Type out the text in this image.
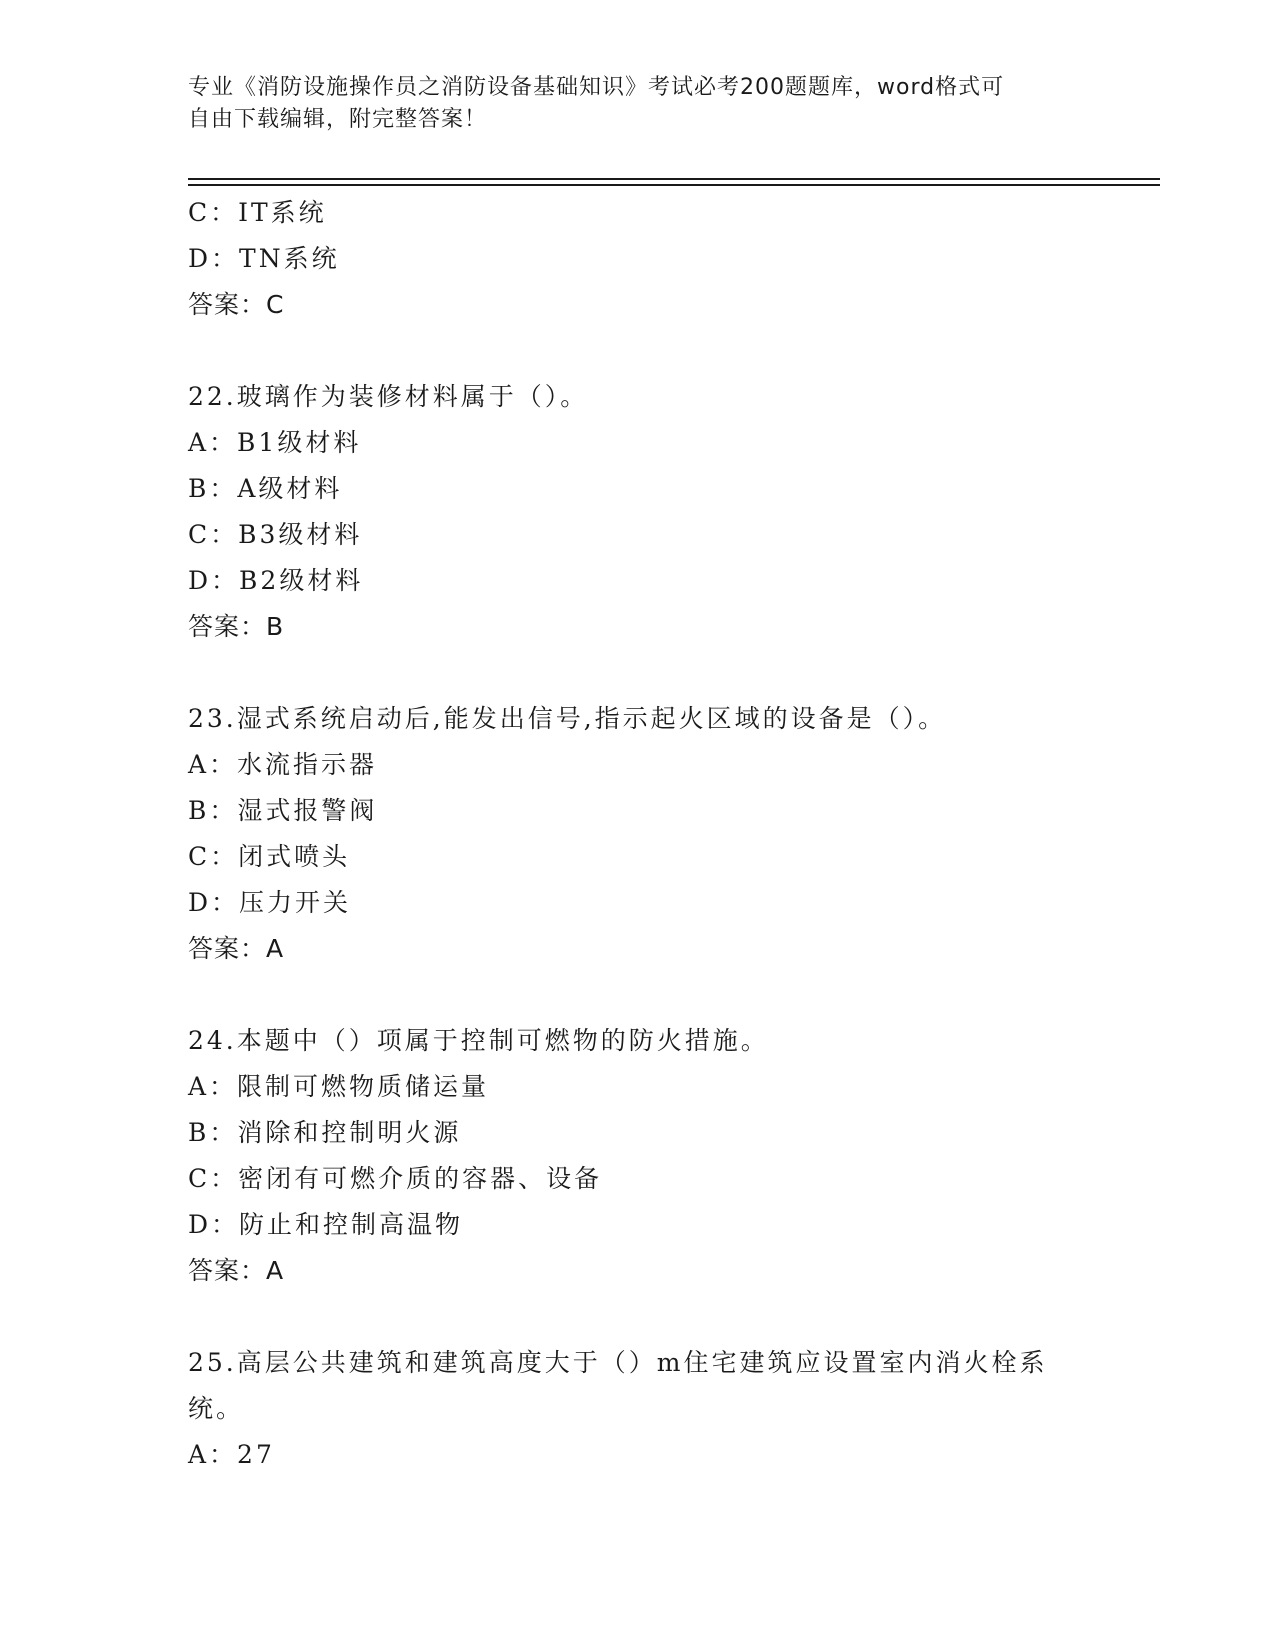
专业《消防设施操作员之消防设备基础知识》考试必考200题题库，word格式可
自由下载编辑，附完整答案！
C：IT系统
D：TN系统
答案：C
22.玻璃作为装修材料属于（）。
A：B1级材料
B：A级材料
C：B3级材料
D：B2级材料
答案：B
23.湿式系统启动后,能发出信号,指示起火区域的设备是（）。
A：水流指示器
B：湿式报警阀
C：闭式喷头
D：压力开关
答案：A
24.本题中（）项属于控制可燃物的防火措施。
A：限制可燃物质储运量
B：消除和控制明火源
C：密闭有可燃介质的容器、设备
D：防止和控制高温物
答案：A
25.高层公共建筑和建筑高度大于（）m住宅建筑应设置室内消火栓系统。
A：27
